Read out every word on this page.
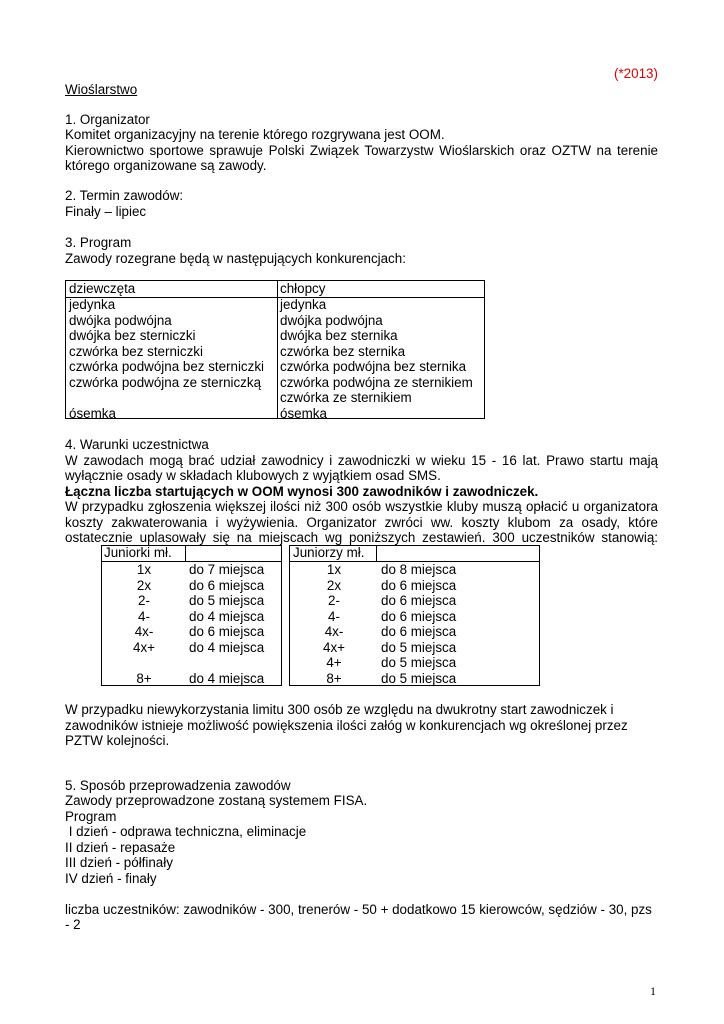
(*2013)
Wioślarstwo
1. Organizator
Komitet organizacyjny na terenie którego rozgrywana jest OOM.
Kierownictwo sportowe sprawuje Polski Związek Towarzystw Wioślarskich oraz OZTW na terenie
którego organizowane są zawody.
2. Termin zawodów:
Finały – lipiec
3. Program
Zawody rozegrane będą w następujących konkurencjach:
dziewczęta	chłopcy
jedynka
dwójka podwójna
dwójka bez sterniczki
czwórka bez sterniczki
czwórka podwójna bez sterniczki
czwórka podwójna ze sterniczką
ósemka
jedynka
dwójka podwójna
dwójka bez sternika
czwórka bez sternika
czwórka podwójna bez sternika
czwórka podwójna ze sternikiem
czwórka ze sternikiem
ósemka
4. Warunki uczestnictwa
W zawodach mogą brać udział zawodnicy i zawodniczki w wieku 15 - 16 lat. Prawo startu mają
wyłącznie osady w składach klubowych z wyjątkiem osad SMS.
Łączna liczba startujących w OOM wynosi 300 zawodników i zawodniczek.
W przypadku zgłoszenia większej ilości niż 300 osób wszystkie kluby muszą opłacić u organizatora
koszty zakwaterowania i wyżywienia. Organizator zwróci ww. koszty klubom za osady, które
ostatecznie uplasowały się na miejscach wg poniższych zestawień. 300 uczestników stanowią:
Juniorki mł.	Juniorzy mł.
1x
2x
2-
4-
4x-
4x+
8+
do 7 miejsca
do 6 miejsca
do 5 miejsca
do 4 miejsca
do 6 miejsca
do 4 miejsca
do 4 miejsca
1x
2x
2-
4-
4x-
4x+
4+
8+
do 8 miejsca
do 6 miejsca
do 6 miejsca
do 6 miejsca
do 6 miejsca
do 5 miejsca
do 5 miejsca
do 5 miejsca
W przypadku niewykorzystania limitu 300 osób ze względu na dwukrotny start zawodniczek i
zawodników istnieje możliwość powiększenia ilości załóg w konkurencjach wg określonej przez
PZTW kolejności.
5. Sposób przeprowadzenia zawodów
Zawody przeprowadzone zostaną systemem FISA.
Program
I dzień - odprawa techniczna, eliminacje
II dzień - repasaże
III dzień - półfinały
IV dzień - finały
liczba uczestników: zawodników - 300, trenerów - 50 + dodatkowo 15 kierowców, sędziów - 30, pzs
- 2
1
